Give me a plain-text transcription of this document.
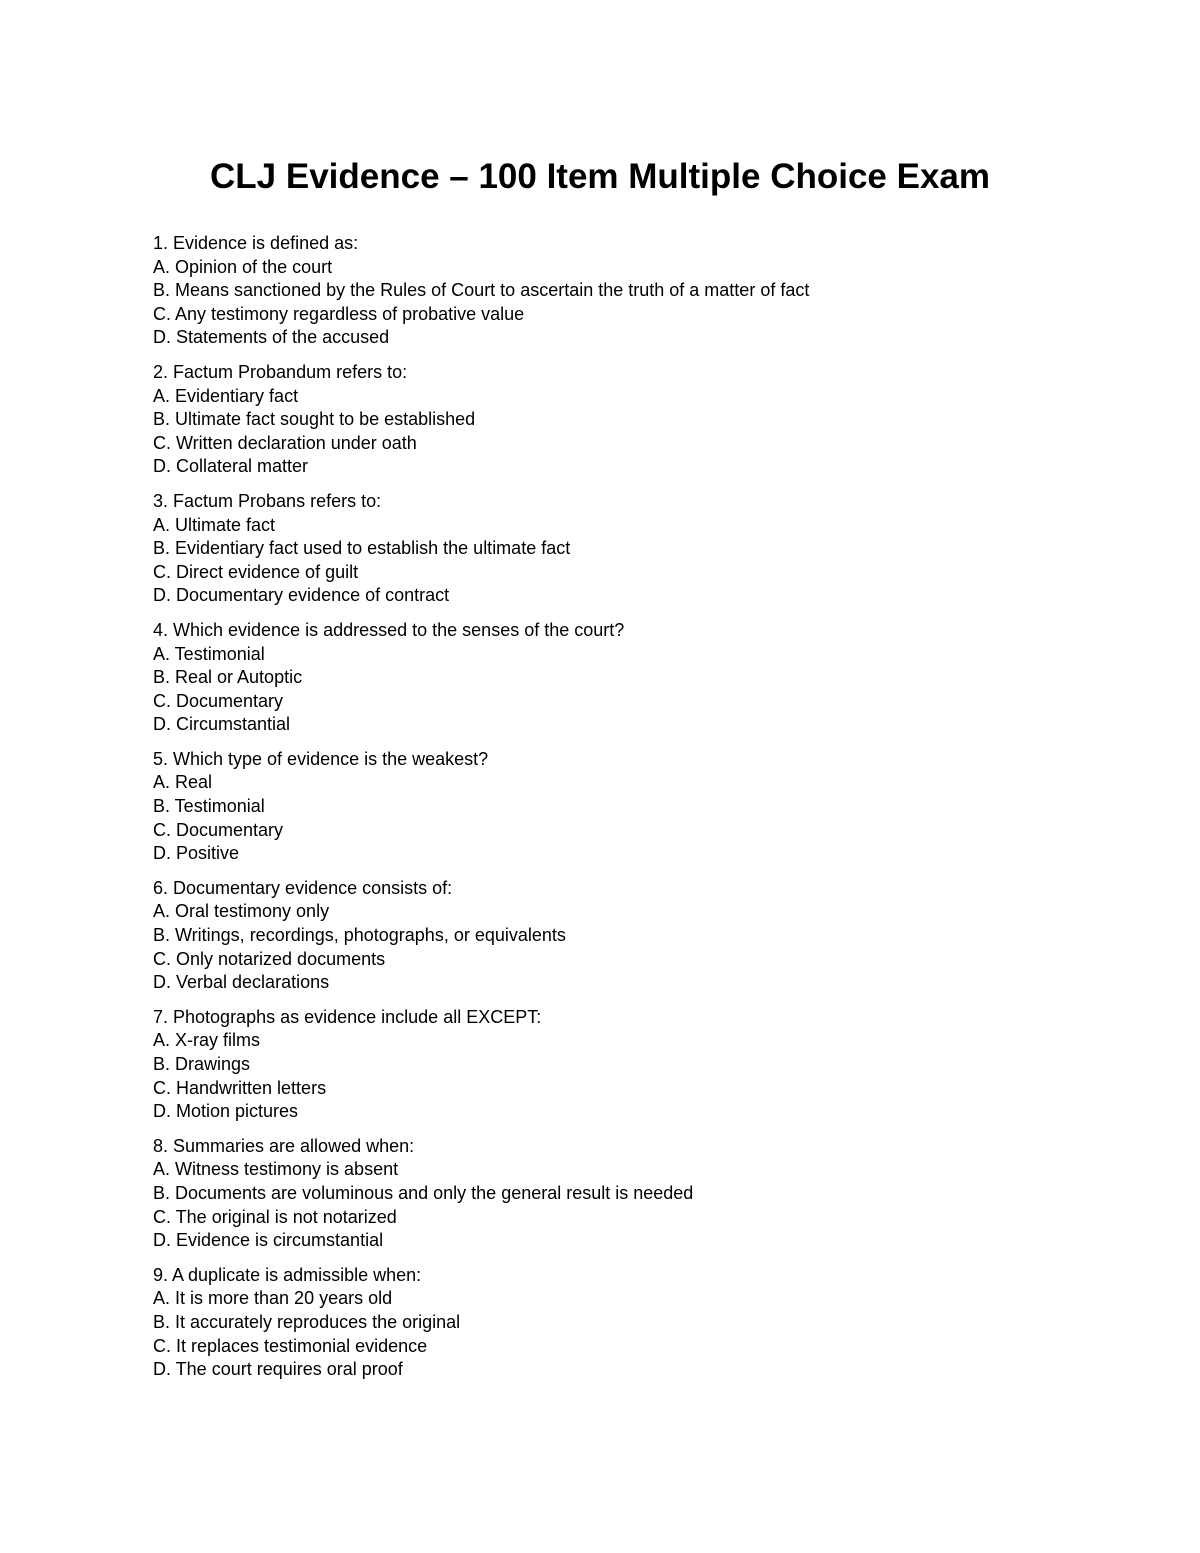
CLJ Evidence – 100 Item Multiple Choice Exam

1. Evidence is defined as:

A. Opinion of the court

B. Means sanctioned by the Rules of Court to ascertain the truth of a matter of fact

C. Any testimony regardless of probative value

D. Statements of the accused

2. Factum Probandum refers to:

A. Evidentiary fact

B. Ultimate fact sought to be established

C. Written declaration under oath

D. Collateral matter

3. Factum Probans refers to:

A. Ultimate fact

B. Evidentiary fact used to establish the ultimate fact

C. Direct evidence of guilt

D. Documentary evidence of contract

4. Which evidence is addressed to the senses of the court?

A. Testimonial

B. Real or Autoptic

C. Documentary

D. Circumstantial

5. Which type of evidence is the weakest?

A. Real

B. Testimonial

C. Documentary

D. Positive

6. Documentary evidence consists of:

A. Oral testimony only

B. Writings, recordings, photographs, or equivalents

C. Only notarized documents

D. Verbal declarations

7. Photographs as evidence include all EXCEPT:

A. X-ray films

B. Drawings

C. Handwritten letters

D. Motion pictures

8. Summaries are allowed when:

A. Witness testimony is absent

B. Documents are voluminous and only the general result is needed

C. The original is not notarized

D. Evidence is circumstantial

9. A duplicate is admissible when:

A. It is more than 20 years old

B. It accurately reproduces the original

C. It replaces testimonial evidence

D. The court requires oral proof
